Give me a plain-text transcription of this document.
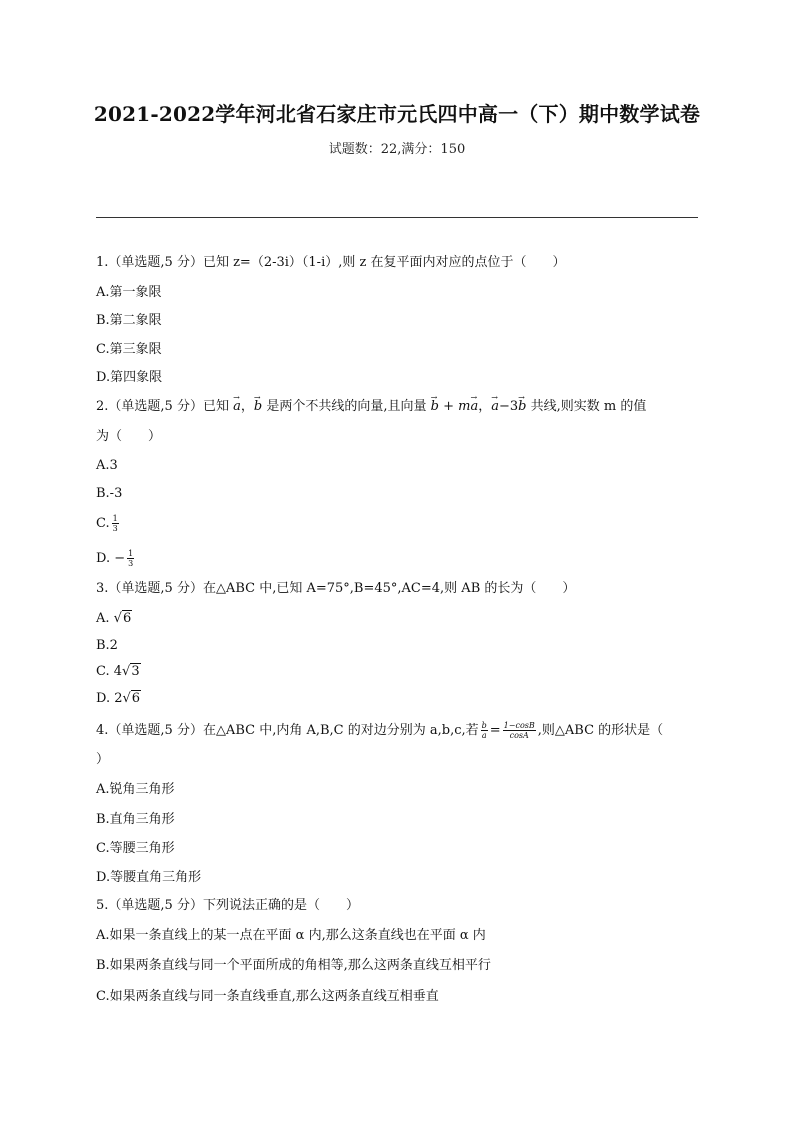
2021-2022学年河北省石家庄市元氏四中高一（下）期中数学试卷
试题数：22,满分：150
1.（单选题,5 分）已知 z=（2-3i）（1-i）,则 z 在复平面内对应的点位于（　　）
A.第一象限
B.第二象限
C.第三象限
D.第四象限
2.（单选题,5 分）已知 → a，→ b 是两个不共线的向量,且向量 → b + m→ a，→ a−3→ b 共线,则实数 m 的值
为（　　）
A.3
B.-3
C. $\frac{1}{3}$
D. − $\frac{1}{3}$
3.（单选题,5 分）在△ABC 中,已知 A=75°,B=45°,AC=4,则 AB 的长为（　　）
A. √6
B.2
C. 4√3
D. 2√6
4.（单选题,5 分）在△ABC 中,内角 A,B,C 的对边分别为 a,b,c,若 $\frac{b}{a} = \frac{1-\cos B}{\cos A}$ ,则△ABC 的形状是（
）
A.锐角三角形
B.直角三角形
C.等腰三角形
D.等腰直角三角形
5.（单选题,5 分）下列说法正确的是（　　）
A.如果一条直线上的某一点在平面 α 内,那么这条直线也在平面 α 内
B.如果两条直线与同一个平面所成的角相等,那么这两条直线互相平行
C.如果两条直线与同一条直线垂直,那么这两条直线互相垂直
